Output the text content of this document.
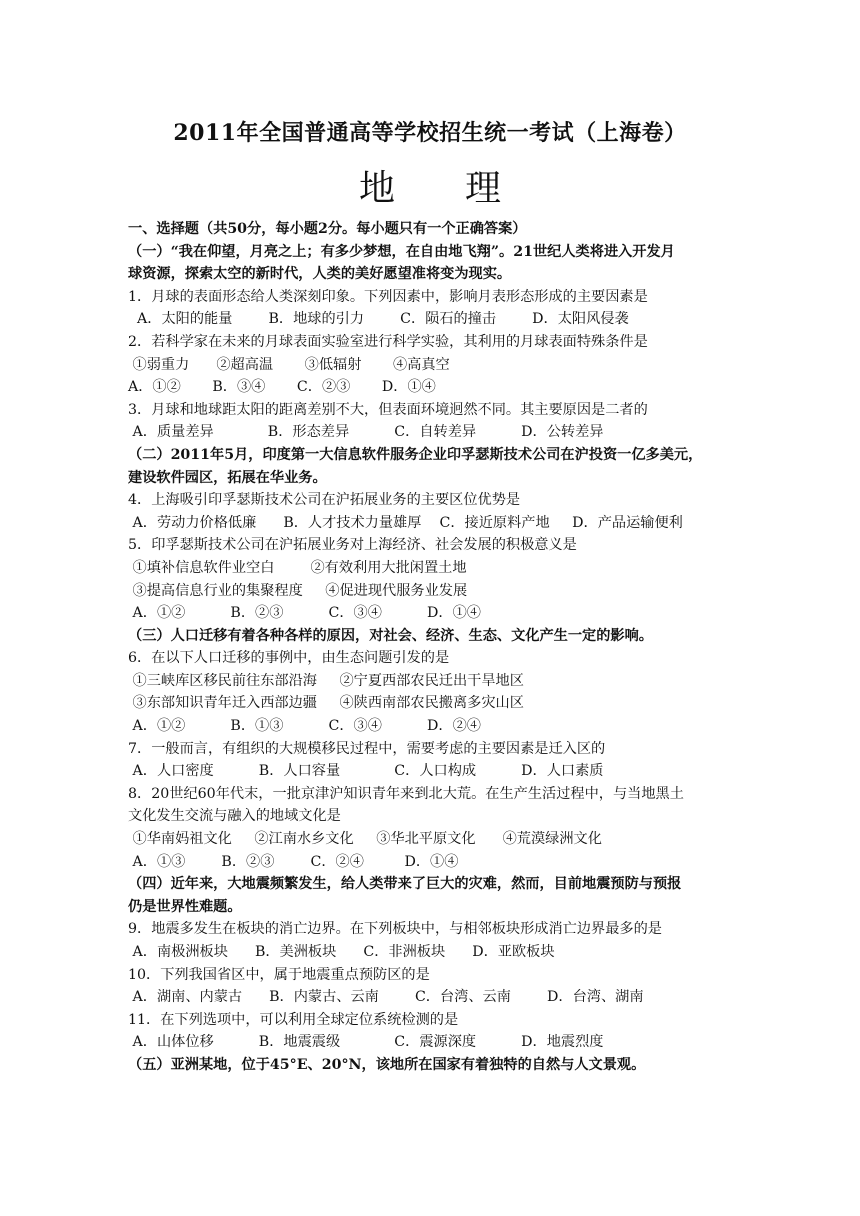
2011年全国普通高等学校招生统一考试（上海卷）
地 理
一、选择题（共50分，每小题2分。每小题只有一个正确答案）
（一）“我在仰望，月亮之上；有多少梦想，在自由地飞翔”。21世纪人类将进入开发月
球资源，探索太空的新时代，人类的美好愿望准将变为现实。
1．月球的表面形态给人类深刻印象。下列因素中，影响月表形态形成的主要因素是
A．太阳的能量        B．地球的引力        C．陨石的撞击        D．太阳风侵袭
2．若科学家在未来的月球表面实验室进行科学实验，其利用的月球表面特殊条件是
①弱重力      ②超高温       ③低辐射       ④高真空
A．①②       B．③④       C．②③       D．①④
3．月球和地球距太阳的距离差别不大，但表面环境迥然不同。其主要原因是二者的
A．质量差异            B．形态差异          C．自转差异          D．公转差异
（二）2011年5月，印度第一大信息软件服务企业印孚瑟斯技术公司在沪投资一亿多美元，
建设软件园区，拓展在华业务。
4．上海吸引印孚瑟斯技术公司在沪拓展业务的主要区位优势是
A．劳动力价格低廉      B．人才技术力量雄厚    C．接近原料产地     D．产品运输便利
5．印孚瑟斯技术公司在沪拓展业务对上海经济、社会发展的积极意义是
①填补信息软件业空白        ②有效利用大批闲置土地
③提高信息行业的集聚程度     ④促进现代服务业发展
A．①②          B．②③          C．③④          D．①④
（三）人口迁移有着各种各样的原因，对社会、经济、生态、文化产生一定的影响。
6．在以下人口迁移的事例中，由生态问题引发的是
①三峡库区移民前往东部沿海     ②宁夏西部农民迁出干旱地区
③东部知识青年迁入西部边疆     ④陕西南部农民搬离多灾山区
A．①②          B．①③          C．③④          D．②④
7．一般而言，有组织的大规模移民过程中，需要考虑的主要因素是迁入区的
A．人口密度          B．人口容量            C．人口构成          D．人口素质
8．20世纪60年代末，一批京津沪知识青年来到北大荒。在生产生活过程中，与当地黑土
文化发生交流与融入的地域文化是
①华南妈祖文化     ②江南水乡文化     ③华北平原文化      ④荒漠绿洲文化
A．①③        B．②③        C．②④         D．①④
（四）近年来，大地震频繁发生，给人类带来了巨大的灾难，然而，目前地震预防与预报
仍是世界性难题。
9．地震多发生在板块的消亡边界。在下列板块中，与相邻板块形成消亡边界最多的是
A．南极洲板块      B．美洲板块      C．非洲板块      D．亚欧板块
10．下列我国省区中，属于地震重点预防区的是
A．湖南、内蒙古      B．内蒙古、云南        C．台湾、云南        D．台湾、湖南
11．在下列选项中，可以利用全球定位系统检测的是
A．山体位移          B．地震震级            C．震源深度          D．地震烈度
（五）亚洲某地，位于45°E、20°N，该地所在国家有着独特的自然与人文景观。
